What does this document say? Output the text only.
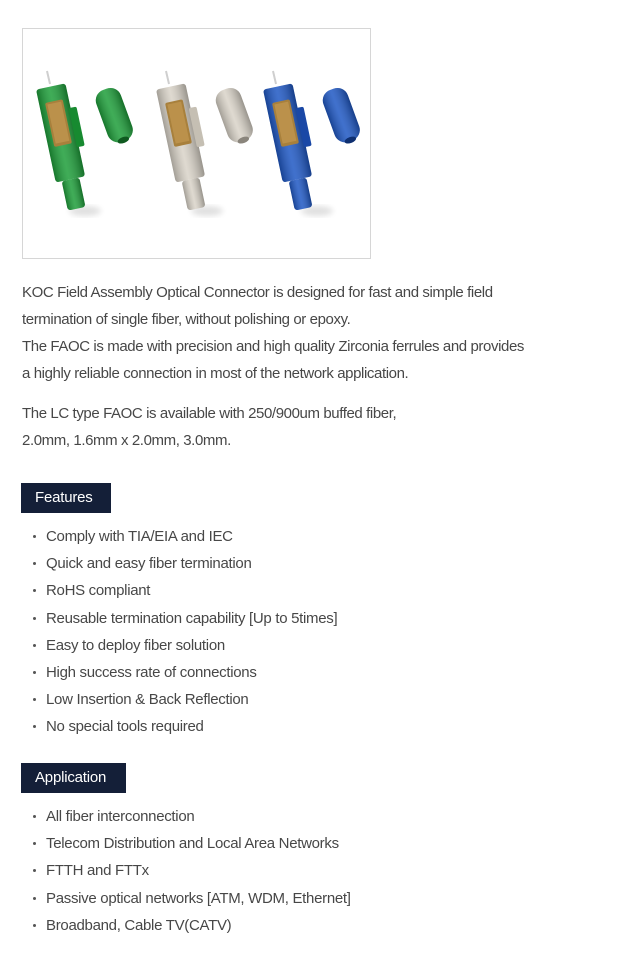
KOC Field Assembly Optical Connector is designed for fast and simple field
termination of single fiber, without polishing or epoxy.
The FAOC is made with precision and high quality Zirconia ferrules and provides
a highly reliable connection in most of the network application.
The LC type FAOC is available with 250/900um buffed fiber,
2.0mm, 1.6mm x 2.0mm, 3.0mm.
Features
Comply with TIA/EIA and IEC
Quick and easy fiber termination
RoHS compliant
Reusable termination capability [Up to 5times]
Easy to deploy fiber solution
High success rate of connections
Low Insertion & Back Reflection
No special tools required
Application
All fiber interconnection
Telecom Distribution and Local Area Networks
FTTH and FTTx
Passive optical networks [ATM, WDM, Ethernet]
Broadband, Cable TV(CATV)
